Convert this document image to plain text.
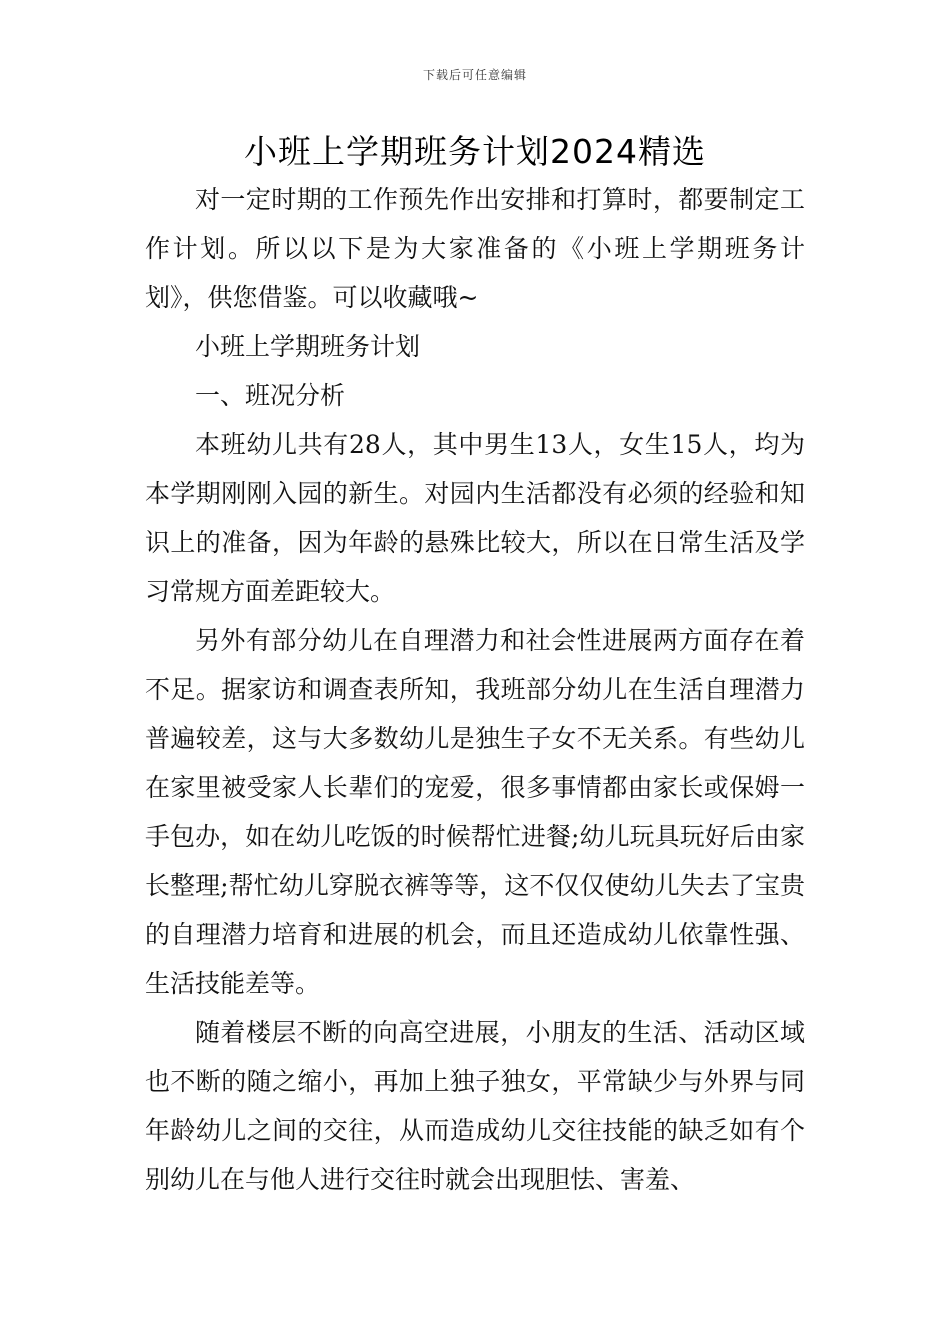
下载后可任意编辑
小班上学期班务计划2024精选

对一定时期的工作预先作出安排和打算时，都要制定工作计划。所以以下是为大家准备的《小班上学期班务计划》，供您借鉴。可以收藏哦~

小班上学期班务计划

一、班况分析

本班幼儿共有28人，其中男生13人，女生15人，均为本学期刚刚入园的新生。对园内生活都没有必须的经验和知识上的准备，因为年龄的悬殊比较大，所以在日常生活及学习常规方面差距较大。

另外有部分幼儿在自理潜力和社会性进展两方面存在着不足。据家访和调查表所知，我班部分幼儿在生活自理潜力普遍较差，这与大多数幼儿是独生子女不无关系。有些幼儿在家里被受家人长辈们的宠爱，很多事情都由家长或保姆一手包办，如在幼儿吃饭的时候帮忙进餐;幼儿玩具玩好后由家长整理;帮忙幼儿穿脱衣裤等等，这不仅仅使幼儿失去了宝贵的自理潜力培育和进展的机会，而且还造成幼儿依靠性强、生活技能差等。

随着楼层不断的向高空进展，小朋友的生活、活动区域也不断的随之缩小，再加上独子独女，平常缺少与外界与同年龄幼儿之间的交往，从而造成幼儿交往技能的缺乏如有个别幼儿在与他人进行交往时就会出现胆怯、害羞、
